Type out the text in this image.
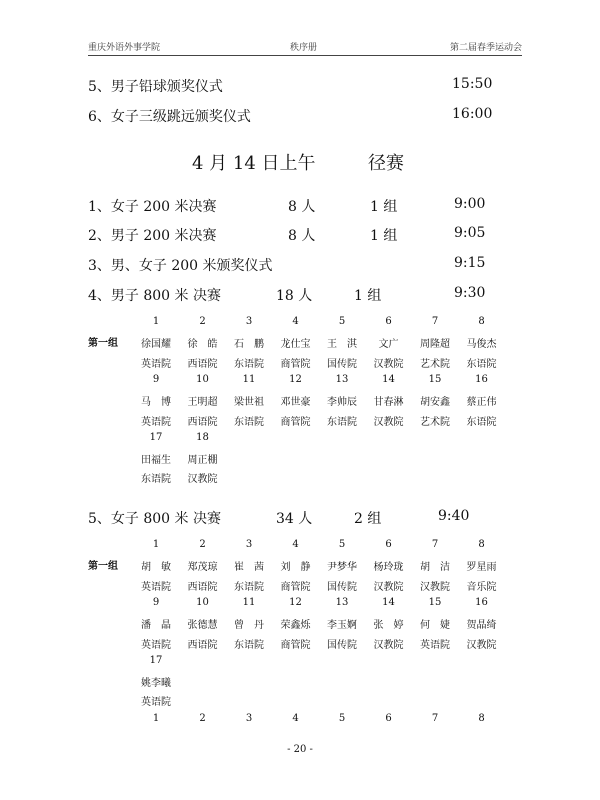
重庆外语外事学院	秩序册	第二届春季运动会
5、男子铅球颁奖仪式	15:50
6、女子三级跳远颁奖仪式	16:00
4 月 14 日上午	径赛
1、女子 200 米决赛	8 人	1 组	9:00
2、男子 200 米决赛	8 人	1 组	9:05
3、男、女子 200 米颁奖仪式	9:15
4、男子 800 米 决赛	18 人	1 组	9:30
第一组
1	2	3	4	5	6	7	8
徐国耀	徐　皓	石　鹏	龙仕宝	王　淇	文广	周隆超	马俊杰
英语院	西语院	东语院	商管院	国传院	汉教院	艺术院	东语院
9	10	11	12	13	14	15	16
马　博	王明超	梁世祖	邓世豪	李帅辰	甘春淋	胡安鑫	蔡正伟
英语院	西语院	东语院	商管院	东语院	汉教院	艺术院	东语院
17	18
田福生	周正棚
东语院	汉教院
5、女子 800 米 决赛	34 人	2 组	9:40
第一组
1	2	3	4	5	6	7	8
胡　敏	郑茂琼	崔　茜	刘　静	尹梦华	杨玲珑	胡　洁	罗星雨
英语院	西语院	东语院	商管院	国传院	汉教院	汉教院	音乐院
9	10	11	12	13	14	15	16
潘　晶	张德慧	曾　丹	荣鑫烁	李玉婀	张　婷	何　婕	贺晶绮
英语院	西语院	东语院	商管院	国传院	汉教院	英语院	汉教院
17
姚李曦
英语院
1	2	3	4	5	6	7	8
- 20 -
